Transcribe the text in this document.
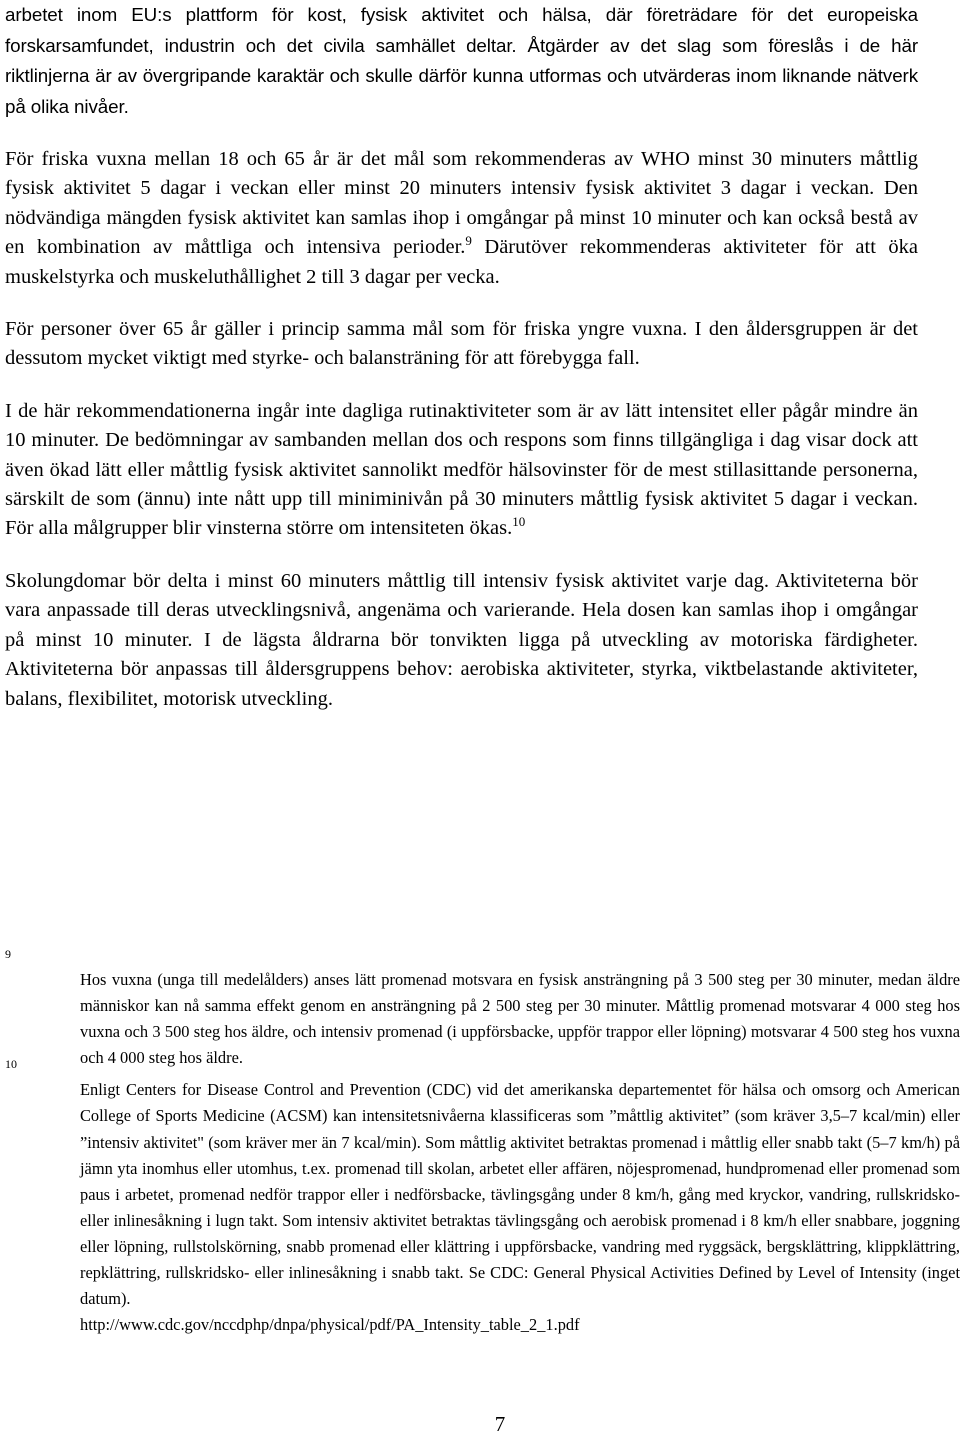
arbetet inom EU:s plattform för kost, fysisk aktivitet och hälsa, där företrädare för det europeiska forskarsamfundet, industrin och det civila samhället deltar. Åtgärder av det slag som föreslås i de här riktlinjerna är av övergripande karaktär och skulle därför kunna utformas och utvärderas inom liknande nätverk på olika nivåer.

För friska vuxna mellan 18 och 65 år är det mål som rekommenderas av WHO minst 30 minuters måttlig fysisk aktivitet 5 dagar i veckan eller minst 20 minuters intensiv fysisk aktivitet 3 dagar i veckan. Den nödvändiga mängden fysisk aktivitet kan samlas ihop i omgångar på minst 10 minuter och kan också bestå av en kombination av måttliga och intensiva perioder.$^9$ Därutöver rekommenderas aktiviteter för att öka muskelstyrka och muskeluthållighet 2 till 3 dagar per vecka.

För personer över 65 år gäller i princip samma mål som för friska yngre vuxna. I den åldersgruppen är det dessutom mycket viktigt med styrke- och balansträning för att förebygga fall.

I de här rekommendationerna ingår inte dagliga rutinaktiviteter som är av lätt intensitet eller pågår mindre än 10 minuter. De bedömningar av sambanden mellan dos och respons som finns tillgängliga i dag visar dock att även ökad lätt eller måttlig fysisk aktivitet sannolikt medför hälsovinster för de mest stillasittande personerna, särskilt de som (ännu) inte nått upp till miniminivån på 30 minuters måttlig fysisk aktivitet 5 dagar i veckan. För alla målgrupper blir vinsterna större om intensiteten ökas.$^{10}$

Skolungdomar bör delta i minst 60 minuters måttlig till intensiv fysisk aktivitet varje dag. Aktiviteterna bör vara anpassade till deras utvecklingsnivå, angenäma och varierande. Hela dosen kan samlas ihop i omgångar på minst 10 minuter. I de lägsta åldrarna bör tonvikten ligga på utveckling av motoriska färdigheter. Aktiviteterna bör anpassas till åldersgruppens behov: aerobiska aktiviteter, styrka, viktbelastande aktiviteter, balans, flexibilitet, motorisk utveckling.

9
Hos vuxna (unga till medelålders) anses lätt promenad motsvara en fysisk ansträngning på 3 500 steg per 30 minuter, medan äldre människor kan nå samma effekt genom en ansträngning på 2 500 steg per 30 minuter. Måttlig promenad motsvarar 4 000 steg hos vuxna och 3 500 steg hos äldre, och intensiv promenad (i uppförsbacke, uppför trappor eller löpning) motsvarar 4 500 steg hos vuxna och 4 000 steg hos äldre.
10
Enligt Centers for Disease Control and Prevention (CDC) vid det amerikanska departementet för hälsa och omsorg och American College of Sports Medicine (ACSM) kan intensitetsnivåerna klassificeras som ”måttlig aktivitet” (som kräver 3,5–7 kcal/min) eller ”intensiv aktivitet" (som kräver mer än 7 kcal/min). Som måttlig aktivitet betraktas promenad i måttlig eller snabb takt (5–7 km/h) på jämn yta inomhus eller utomhus, t.ex. promenad till skolan, arbetet eller affären, nöjespromenad, hundpromenad eller promenad som paus i arbetet, promenad nedför trappor eller i nedförsbacke, tävlingsgång under 8 km/h, gång med kryckor, vandring, rullskridsko- eller inlinesåkning i lugn takt. Som intensiv aktivitet betraktas tävlingsgång och aerobisk promenad i 8 km/h eller snabbare, joggning eller löpning, rullstolskörning, snabb promenad eller klättring i uppförsbacke, vandring med ryggsäck, bergsklättring, klippklättring, repklättring, rullskridsko- eller inlinesåkning i snabb takt. Se CDC: General Physical Activities Defined by Level of Intensity (inget datum).
http://www.cdc.gov/nccdphp/dnpa/physical/pdf/PA_Intensity_table_2_1.pdf
7
